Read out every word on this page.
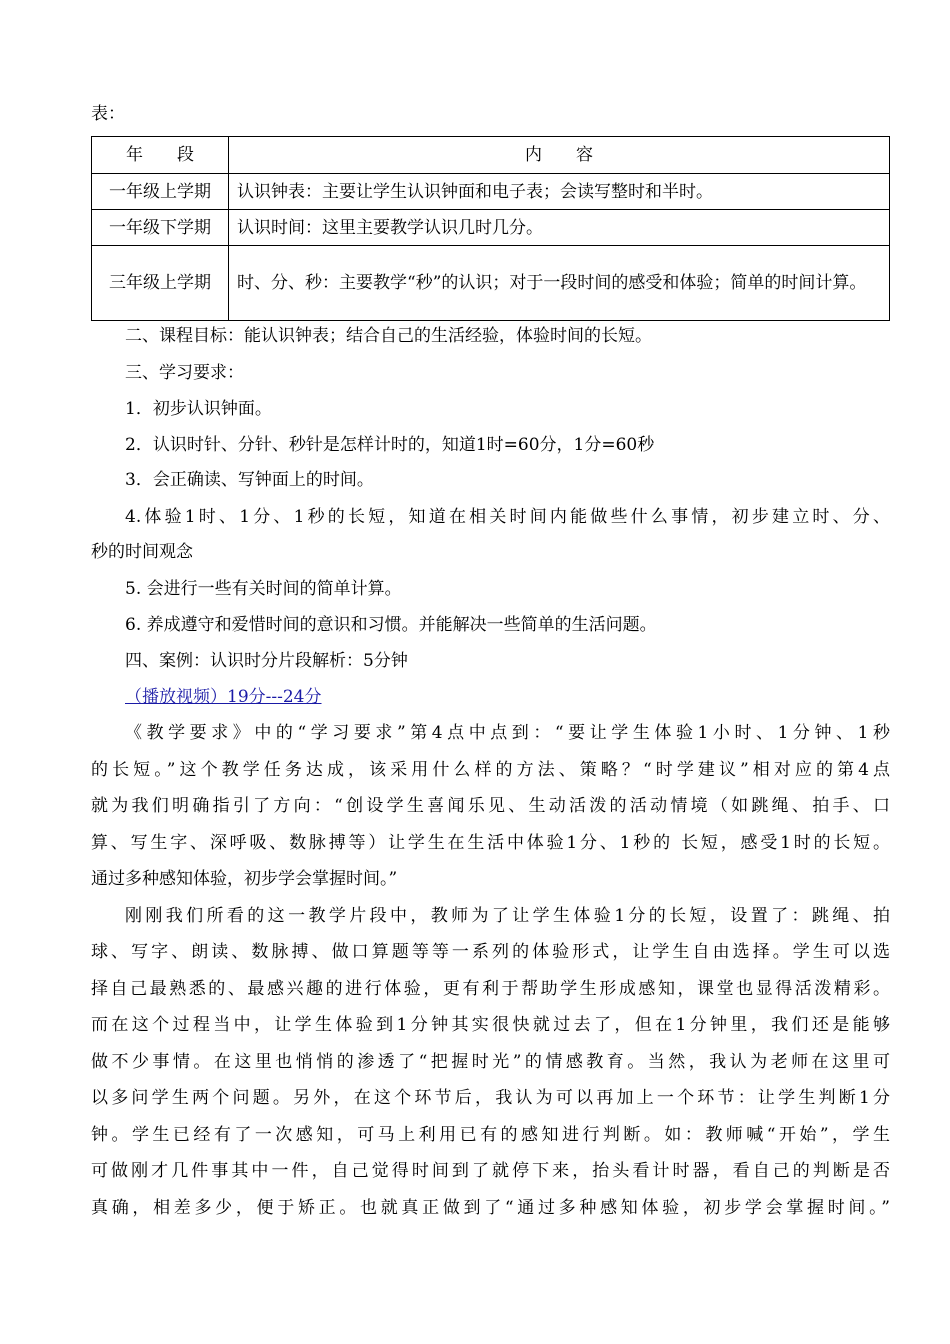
表：
年　　段	内　　容
一年级上学期	认识钟表：主要让学生认识钟面和电子表；会读写整时和半时。
一年级下学期	认识时间：这里主要教学认识几时几分。
三年级上学期	时、分、秒：主要教学“秒”的认识；对于一段时间的感受和体验；简单的时间计算。
二、课程目标：能认识钟表；结合自己的生活经验，体验时间的长短。
三、学习要求：
1．初步认识钟面。
2．认识时针、分针、秒针是怎样计时的，知道1时=60分，1分=60秒
3．会正确读、写钟面上的时间。
4.体验1时、1分、1秒的长短，知道在相关时间内能做些什么事情，初步建立时、分、
秒的时间观念
5. 会进行一些有关时间的简单计算。
6. 养成遵守和爱惜时间的意识和习惯。并能解决一些简单的生活问题。
四、案例：认识时分片段解析：5分钟
（播放视频）19分---24分
《教学要求》中的“学习要求”第4点中点到：“要让学生体验1小时、1分钟、1秒
的长短。”这个教学任务达成，该采用什么样的方法、策略？“时学建议”相对应的第4点
就为我们明确指引了方向：“创设学生喜闻乐见、生动活泼的活动情境（如跳绳、拍手、口
算、写生字、深呼吸、数脉搏等）让学生在生活中体验1分、1秒的 长短，感受1时的长短。
通过多种感知体验，初步学会掌握时间。”
刚刚我们所看的这一教学片段中，教师为了让学生体验1分的长短，设置了：跳绳、拍
球、写字、朗读、数脉搏、做口算题等等一系列的体验形式，让学生自由选择。学生可以选
择自己最熟悉的、最感兴趣的进行体验，更有利于帮助学生形成感知，课堂也显得活泼精彩。
而在这个过程当中，让学生体验到1分钟其实很快就过去了，但在1分钟里，我们还是能够
做不少事情。在这里也悄悄的渗透了“把握时光”的情感教育。当然，我认为老师在这里可
以多问学生两个问题。另外，在这个环节后，我认为可以再加上一个环节：让学生判断1分
钟。学生已经有了一次感知，可马上利用已有的感知进行判断。如：教师喊“开始”，学生
可做刚才几件事其中一件，自己觉得时间到了就停下来，抬头看计时器，看自己的判断是否
真确，相差多少，便于矫正。也就真正做到了“通过多种感知体验，初步学会掌握时间。”
